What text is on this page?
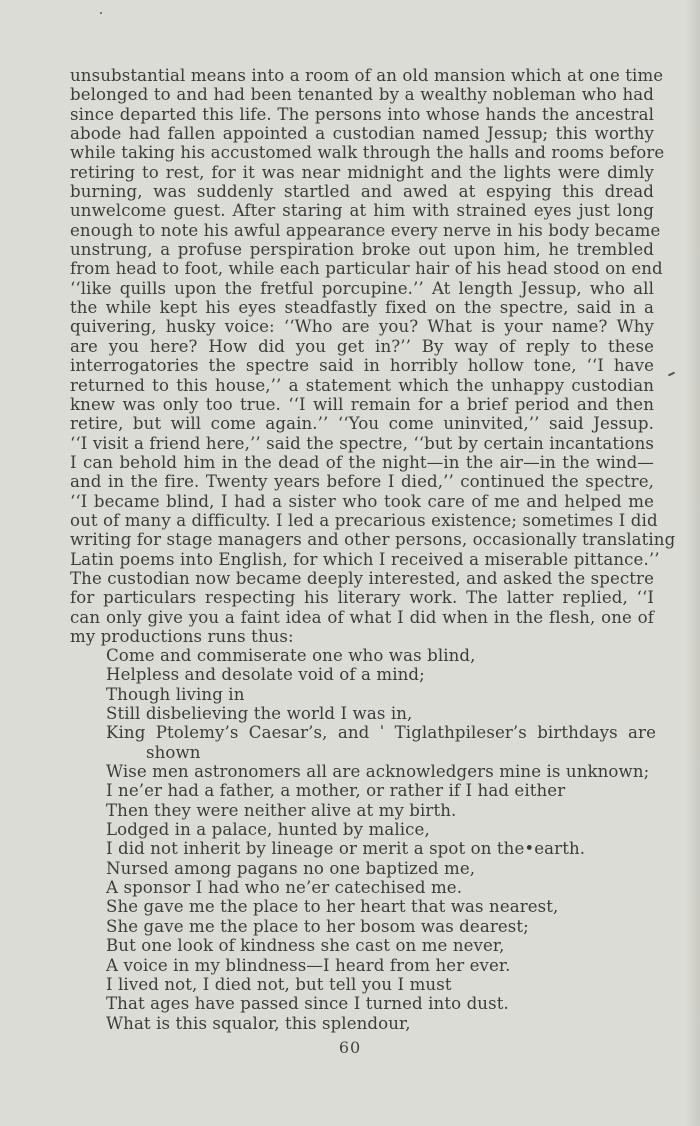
unsubstantial means into a room of an old mansion which at one time
belonged to and had been tenanted by a wealthy nobleman who had
since departed this life. The persons into whose hands the ancestral
abode had fallen appointed a custodian named Jessup; this worthy
while taking his accustomed walk through the halls and rooms before
retiring to rest, for it was near midnight and the lights were dimly
burning, was suddenly startled and awed at espying this dread
unwelcome guest. After staring at him with strained eyes just long
enough to note his awful appearance every nerve in his body became
unstrung, a profuse perspiration broke out upon him, he trembled
from head to foot, while each particular hair of his head stood on end
‘‘like quills upon the fretful porcupine.’’ At length Jessup, who all
the while kept his eyes steadfastly fixed on the spectre, said in a
quivering, husky voice: ‘‘Who are you? What is your name? Why
are you here? How did you get in?’’ By way of reply to these
interrogatories the spectre said in horribly hollow tone, ‘‘I have
returned to this house,’’ a statement which the unhappy custodian
knew was only too true. ‘‘I will remain for a brief period and then
retire, but will come again.’’ ‘‘You come uninvited,’’ said Jessup.
‘‘I visit a friend here,’’ said the spectre, ‘‘but by certain incantations
I can behold him in the dead of the night—in the air—in the wind—
and in the fire. Twenty years before I died,’’ continued the spectre,
‘‘I became blind, I had a sister who took care of me and helped me
out of many a difficulty. I led a precarious existence; sometimes I did
writing for stage managers and other persons, occasionally translating
Latin poems into English, for which I received a miserable pittance.’’
The custodian now became deeply interested, and asked the spectre
for particulars respecting his literary work. The latter replied, ‘‘I
can only give you a faint idea of what I did when in the flesh, one of
my productions runs thus:
Come and commiserate one who was blind,
Helpless and desolate void of a mind;
Though living in
Still disbelieving the world I was in,
King Ptolemy’s Caesar’s, and ˈ Tiglathpileser’s birthdays are
shown
Wise men astronomers all are acknowledgers mine is unknown;
I ne’er had a father, a mother, or rather if I had either
Then they were neither alive at my birth.
Lodged in a palace, hunted by malice,
I did not inherit by lineage or merit a spot on the•earth.
Nursed among pagans no one baptized me,
A sponsor I had who ne’er catechised me.
She gave me the place to her heart that was nearest,
She gave me the place to her bosom was dearest;
But one look of kindness she cast on me never,
A voice in my blindness—I heard from her ever.
I lived not, I died not, but tell you I must
That ages have passed since I turned into dust.
What is this squalor, this splendour,
60
